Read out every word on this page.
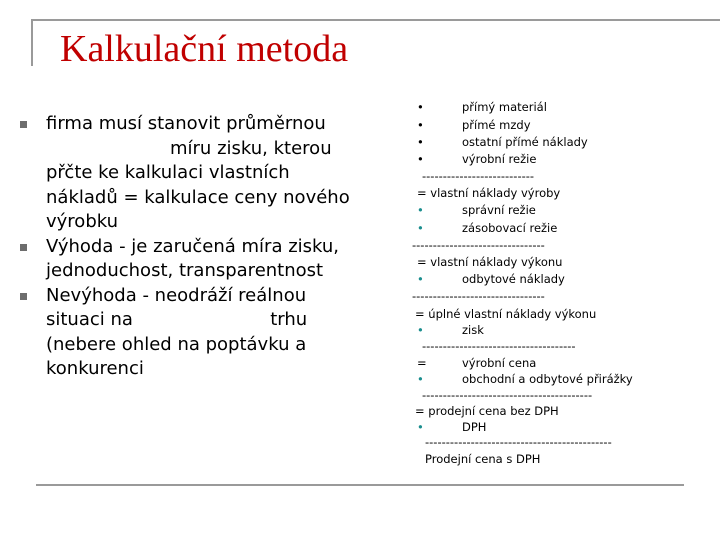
Kalkulační metoda
firma musí stanovit průměrnou
míru zisku, kterou
přčte ke kalkulaci vlastních
nákladů = kalkulace ceny nového
výrobku
Výhoda - je zaručená míra zisku,
jednoduchost, transparentnost
Nevýhoda - neodráží reálnou
situaci na                        trhu
(nebere ohled na poptávku a
konkurenci
•	přímý materiál
•	přímé mzdy
•	ostatní přímé náklady
•	výrobní režie
---------------------------
= vlastní náklady výroby
•	správní režie
•	zásobovací režie
--------------------------------
= vlastní náklady výkonu
•	odbytové náklady
--------------------------------
= úplné vlastní náklady výkonu
•	zisk
-------------------------------------
=	výrobní cena
•	obchodní a odbytové přirážky
-----------------------------------------
= prodejní cena bez DPH
•	DPH
---------------------------------------------
Prodejní cena s DPH
